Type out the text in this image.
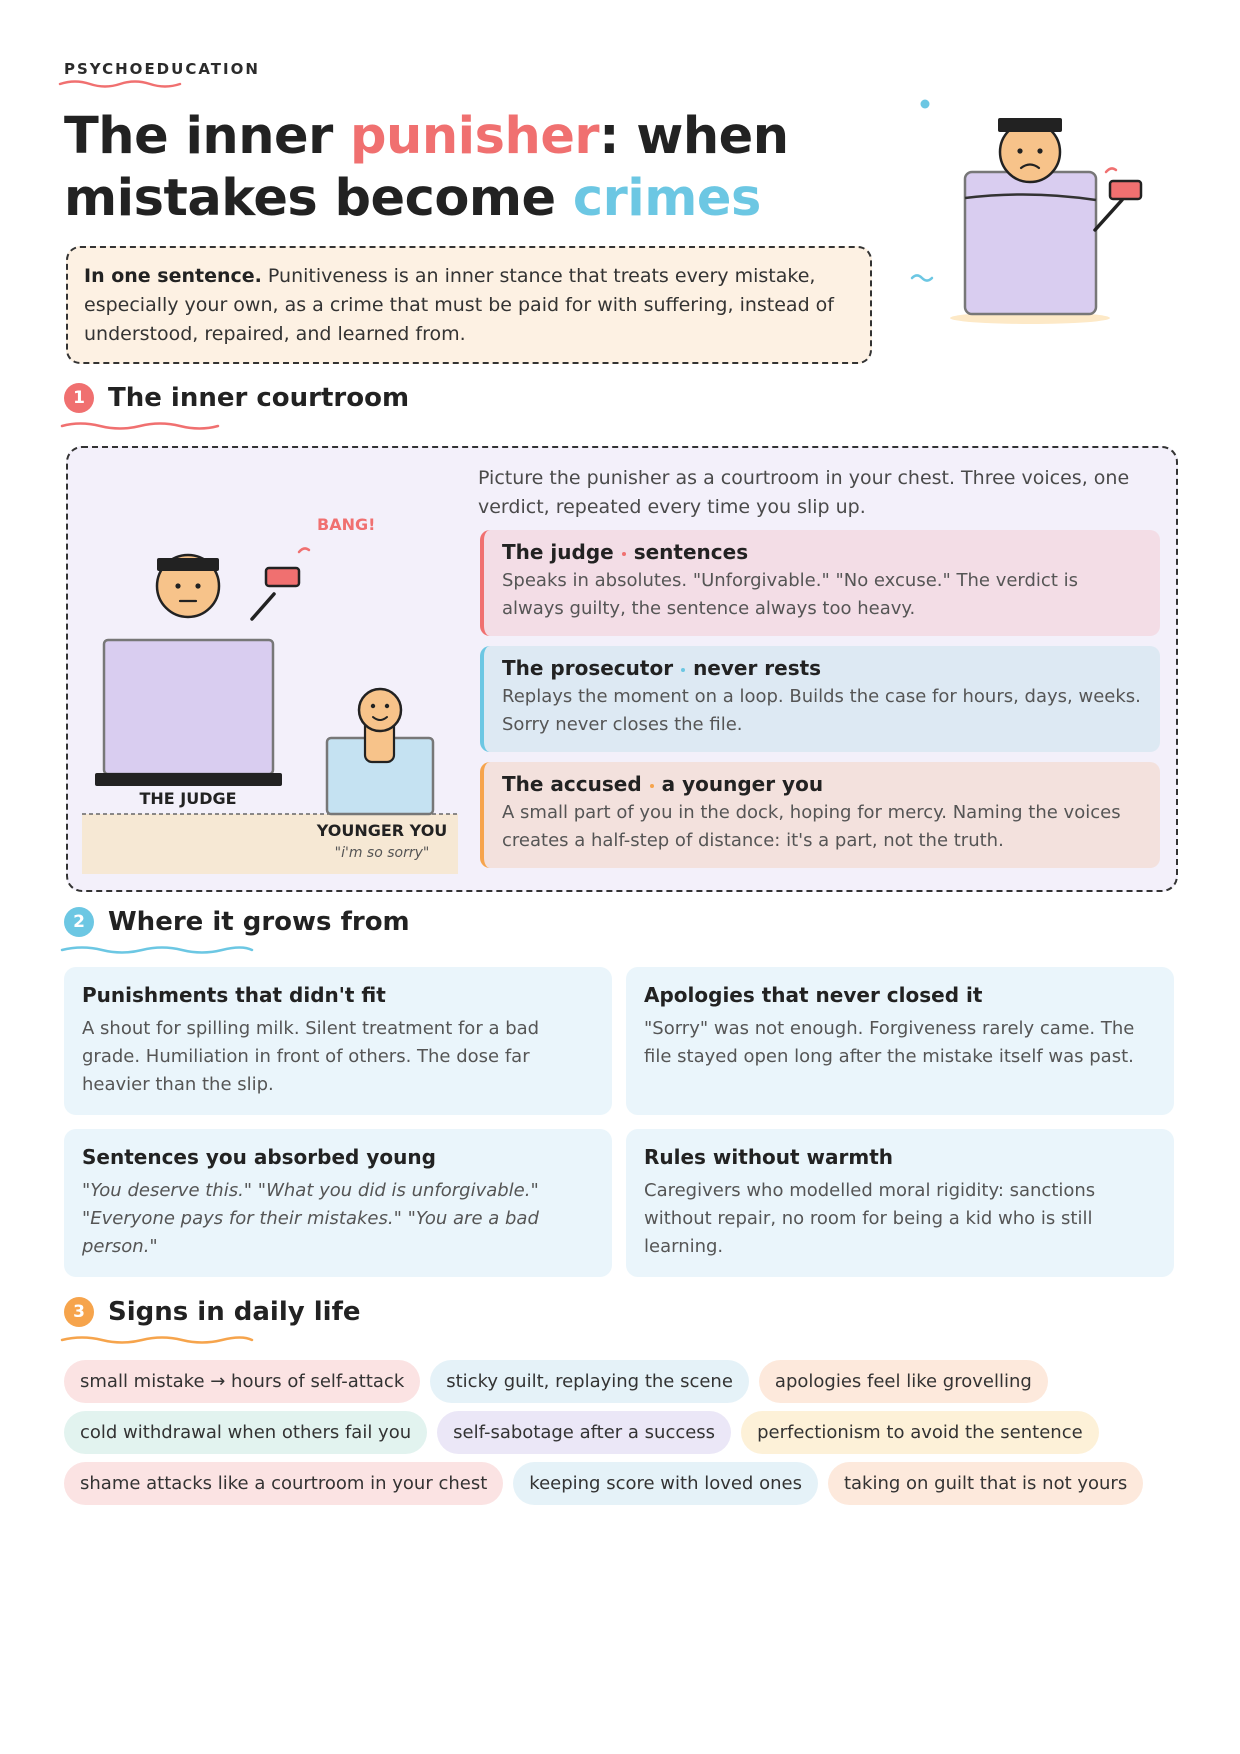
PSYCHOEDUCATION
The inner punisher: when mistakes become crimes
In one sentence. Punitiveness is an inner stance that treats every mistake, especially your own, as a crime that must be paid for with suffering, instead of understood, repaired, and learned from.
1 The inner courtroom
BANG!
THE JUDGE
YOUNGER YOU
"i'm so sorry"

Picture the punisher as a courtroom in your chest. Three voices, one verdict, repeated every time you slip up.

The judge sentences
Speaks in absolutes. "Unforgivable." "No excuse." The verdict is always guilty, the sentence always too heavy.
The prosecutor never rests
Replays the moment on a loop. Builds the case for hours, days, weeks. Sorry never closes the file.
The accused a younger you
A small part of you in the dock, hoping for mercy. Naming the voices creates a half-step of distance: it's a part, not the truth.
2 Where it grows from
Punishments that didn't fit
A shout for spilling milk. Silent treatment for a bad grade. Humiliation in front of others. The dose far heavier than the slip.
Apologies that never closed it
"Sorry" was not enough. Forgiveness rarely came. The file stayed open long after the mistake itself was past.
Sentences you absorbed young
"You deserve this." "What you did is unforgivable." "Everyone pays for their mistakes." "You are a bad person."
Rules without warmth
Caregivers who modelled moral rigidity: sanctions without repair, no room for being a kid who is still learning.
3 Signs in daily life
small mistake → hours of self-attack	sticky guilt, replaying the scene	apologies feel like grovelling
cold withdrawal when others fail you	self-sabotage after a success	perfectionism to avoid the sentence
shame attacks like a courtroom in your chest	keeping score with loved ones	taking on guilt that is not yours
